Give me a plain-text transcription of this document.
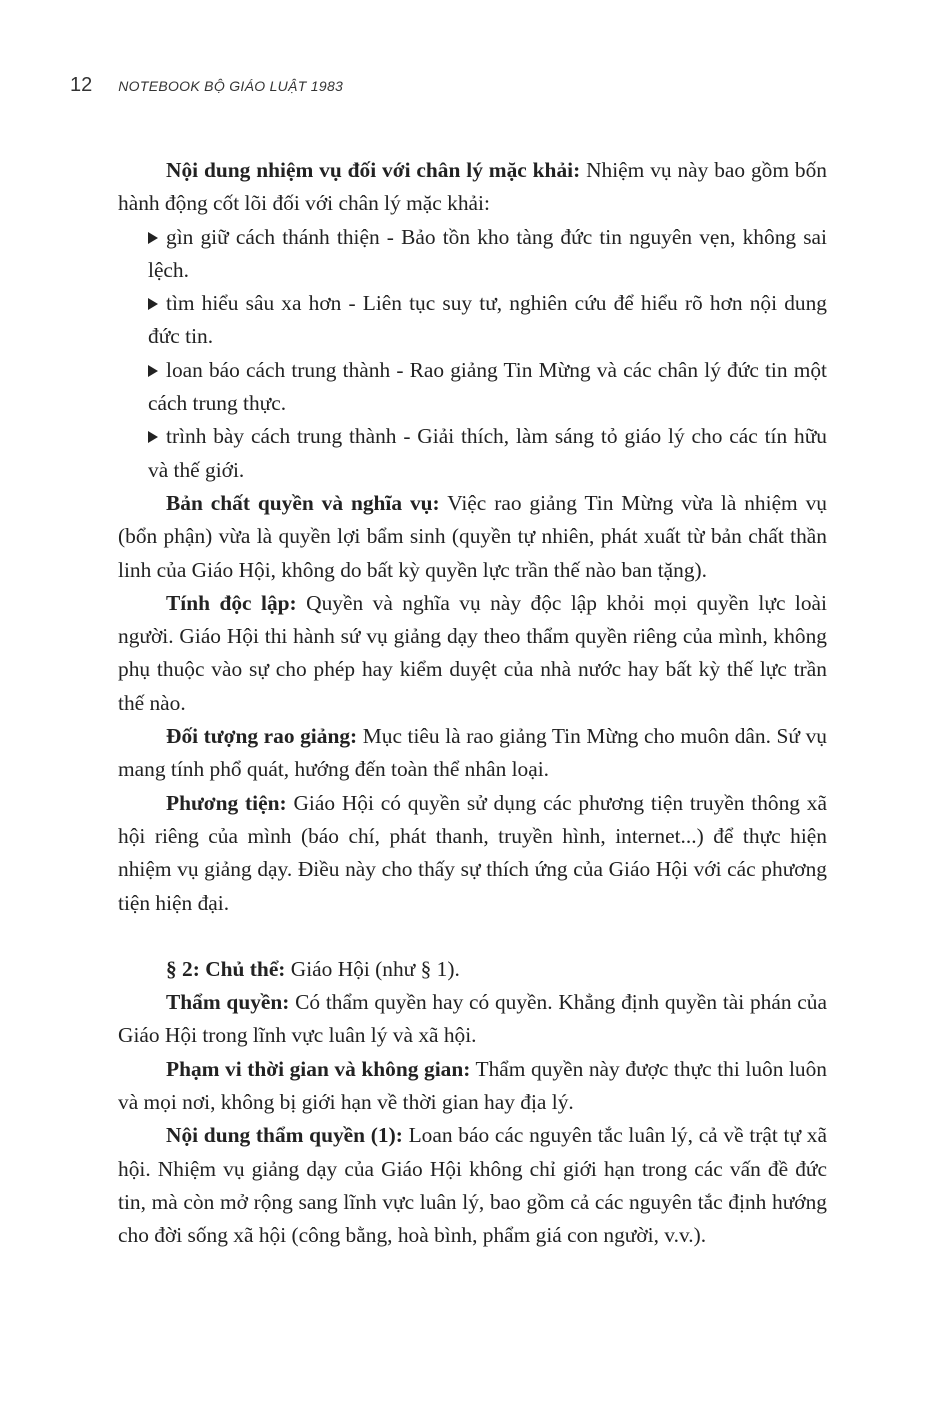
12 NOTEBOOK BỘ GIÁO LUẬT 1983

Nội dung nhiệm vụ đối với chân lý mặc khải: Nhiệm vụ này bao gồm bốn hành động cốt lõi đối với chân lý mặc khải:

gìn giữ cách thánh thiện - Bảo tồn kho tàng đức tin nguyên vẹn, không sai lệch.
tìm hiểu sâu xa hơn - Liên tục suy tư, nghiên cứu để hiểu rõ hơn nội dung đức tin.
loan báo cách trung thành - Rao giảng Tin Mừng và các chân lý đức tin một cách trung thực.
trình bày cách trung thành - Giải thích, làm sáng tỏ giáo lý cho các tín hữu và thế giới.

Bản chất quyền và nghĩa vụ: Việc rao giảng Tin Mừng vừa là nhiệm vụ (bổn phận) vừa là quyền lợi bẩm sinh (quyền tự nhiên, phát xuất từ bản chất thần linh của Giáo Hội, không do bất kỳ quyền lực trần thế nào ban tặng).

Tính độc lập: Quyền và nghĩa vụ này độc lập khỏi mọi quyền lực loài người. Giáo Hội thi hành sứ vụ giảng dạy theo thẩm quyền riêng của mình, không phụ thuộc vào sự cho phép hay kiểm duyệt của nhà nước hay bất kỳ thế lực trần thế nào.

Đối tượng rao giảng: Mục tiêu là rao giảng Tin Mừng cho muôn dân. Sứ vụ mang tính phổ quát, hướng đến toàn thể nhân loại.

Phương tiện: Giáo Hội có quyền sử dụng các phương tiện truyền thông xã hội riêng của mình (báo chí, phát thanh, truyền hình, internet...) để thực hiện nhiệm vụ giảng dạy. Điều này cho thấy sự thích ứng của Giáo Hội với các phương tiện hiện đại.

§ 2: Chủ thể: Giáo Hội (như § 1).

Thẩm quyền: Có thẩm quyền hay có quyền. Khẳng định quyền tài phán của Giáo Hội trong lĩnh vực luân lý và xã hội.

Phạm vi thời gian và không gian: Thẩm quyền này được thực thi luôn luôn và mọi nơi, không bị giới hạn về thời gian hay địa lý.

Nội dung thẩm quyền (1): Loan báo các nguyên tắc luân lý, cả về trật tự xã hội. Nhiệm vụ giảng dạy của Giáo Hội không chỉ giới hạn trong các vấn đề đức tin, mà còn mở rộng sang lĩnh vực luân lý, bao gồm cả các nguyên tắc định hướng cho đời sống xã hội (công bằng, hoà bình, phẩm giá con người, v.v.).
